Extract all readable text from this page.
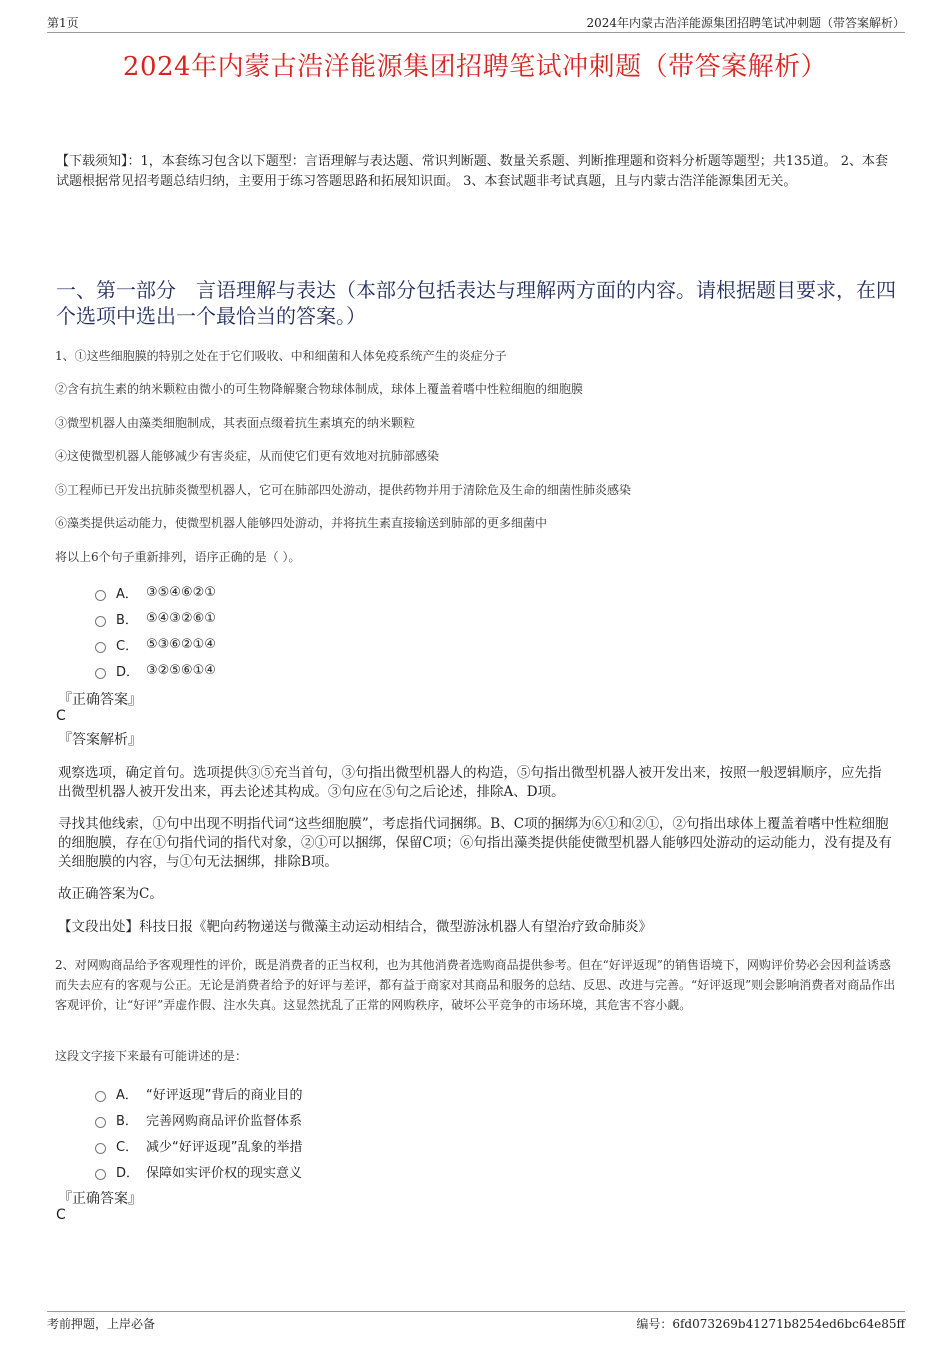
第1页	2024年内蒙古浩洋能源集团招聘笔试冲刺题（带答案解析）
2024年内蒙古浩洋能源集团招聘笔试冲刺题（带答案解析）
【下载须知】：1，本套练习包含以下题型：言语理解与表达题、常识判断题、数量关系题、判断推理题和资料分析题等题型；共135道。 2、本套试题根据常见招考题总结归纳，主要用于练习答题思路和拓展知识面。 3、本套试题非考试真题，且与内蒙古浩洋能源集团无关。
一、第一部分　言语理解与表达（本部分包括表达与理解两方面的内容。请根据题目要求，在四个选项中选出一个最恰当的答案。）
1、①这些细胞膜的特别之处在于它们吸收、中和细菌和人体免疫系统产生的炎症分子
②含有抗生素的纳米颗粒由微小的可生物降解聚合物球体制成，球体上覆盖着嗜中性粒细胞的细胞膜
③微型机器人由藻类细胞制成，其表面点缀着抗生素填充的纳米颗粒
④这使微型机器人能够减少有害炎症，从而使它们更有效地对抗肺部感染
⑤工程师已开发出抗肺炎微型机器人，它可在肺部四处游动，提供药物并用于清除危及生命的细菌性肺炎感染
⑥藻类提供运动能力，使微型机器人能够四处游动，并将抗生素直接输送到肺部的更多细菌中
将以上6个句子重新排列，语序正确的是（ ）。
A． ③⑤④⑥②①
B． ⑤④③②⑥①
C． ⑤③⑥②①④
D． ③②⑤⑥①④
『正确答案』
C
『答案解析』
观察选项，确定首句。选项提供③⑤充当首句，③句指出微型机器人的构造，⑤句指出微型机器人被开发出来，按照一般逻辑顺序，应先指出微型机器人被开发出来，再去论述其构成。③句应在⑤句之后论述，排除A、D项。
寻找其他线索，①句中出现不明指代词“这些细胞膜”，考虑指代词捆绑。B、C项的捆绑为⑥①和②①，②句指出球体上覆盖着嗜中性粒细胞的细胞膜，存在①句指代词的指代对象，②①可以捆绑，保留C项；⑥句指出藻类提供能使微型机器人能够四处游动的运动能力，没有提及有关细胞膜的内容，与①句无法捆绑，排除B项。
故正确答案为C。
【文段出处】科技日报《靶向药物递送与微藻主动运动相结合，微型游泳机器人有望治疗致命肺炎》
2、对网购商品给予客观理性的评价，既是消费者的正当权利，也为其他消费者选购商品提供参考。但在“好评返现”的销售语境下，网购评价势必会因利益诱惑而失去应有的客观与公正。无论是消费者给予的好评与差评，都有益于商家对其商品和服务的总结、反思、改进与完善。“好评返现”则会影响消费者对商品作出客观评价，让“好评”弄虚作假、注水失真。这显然扰乱了正常的网购秩序，破坏公平竞争的市场环境，其危害不容小觑。
这段文字接下来最有可能讲述的是：
A． “好评返现”背后的商业目的
B． 完善网购商品评价监督体系
C． 减少“好评返现”乱象的举措
D． 保障如实评价权的现实意义
『正确答案』
C
考前押题，上岸必备	编号：6fd073269b41271b8254ed6bc64e85ff
